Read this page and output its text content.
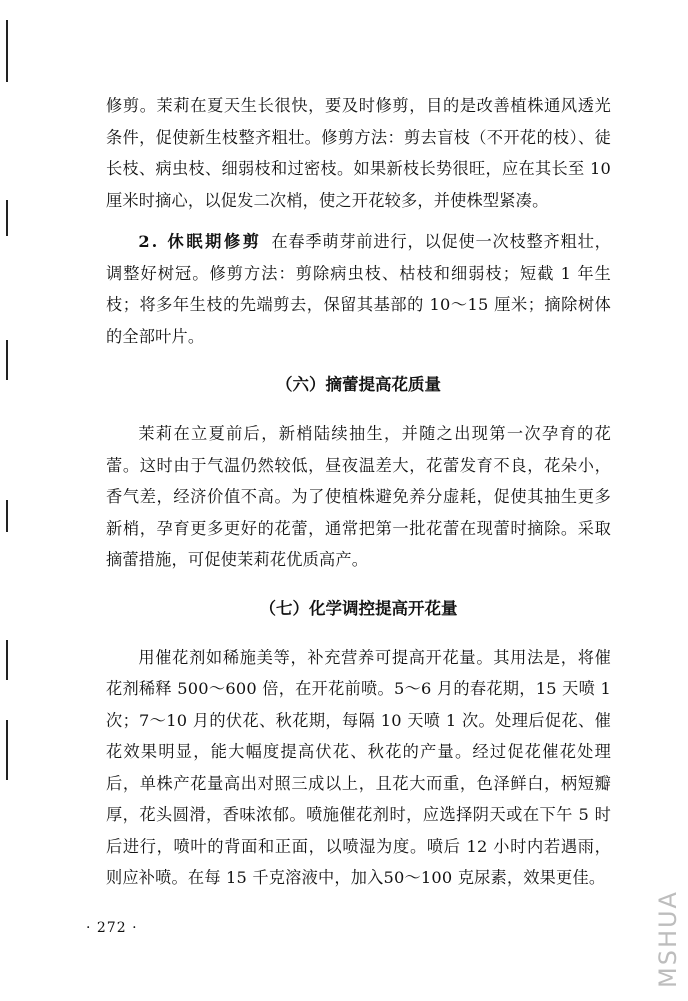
修剪。茉莉在夏天生长很快，要及时修剪，目的是改善植株通风透光条件，促使新生枝整齐粗壮。修剪方法：剪去盲枝（不开花的枝）、徒长枝、病虫枝、细弱枝和过密枝。如果新枝长势很旺，应在其长至 10 厘米时摘心，以促发二次梢，使之开花较多，并使株型紧凑。

2. 休眠期修剪 在春季萌芽前进行，以促使一次枝整齐粗壮，调整好树冠。修剪方法：剪除病虫枝、枯枝和细弱枝；短截 1 年生枝；将多年生枝的先端剪去，保留其基部的 10～15 厘米；摘除树体的全部叶片。

（六）摘蕾提高花质量

茉莉在立夏前后，新梢陆续抽生，并随之出现第一次孕育的花蕾。这时由于气温仍然较低，昼夜温差大，花蕾发育不良，花朵小，香气差，经济价值不高。为了使植株避免养分虚耗，促使其抽生更多新梢，孕育更多更好的花蕾，通常把第一批花蕾在现蕾时摘除。采取摘蕾措施，可促使茉莉花优质高产。

（七）化学调控提高开花量

用催花剂如稀施美等，补充营养可提高开花量。其用法是，将催花剂稀释 500～600 倍，在开花前喷。5～6 月的春花期，15 天喷 1 次；7～10 月的伏花、秋花期，每隔 10 天喷 1 次。处理后促花、催花效果明显，能大幅度提高伏花、秋花的产量。经过促花催花处理后，单株产花量高出对照三成以上，且花大而重，色泽鲜白，柄短瓣厚，花头圆滑，香味浓郁。喷施催花剂时，应选择阴天或在下午 5 时后进行，喷叶的背面和正面，以喷湿为度。喷后 12 小时内若遇雨，则应补喷。在每 15 千克溶液中，加入50～100 克尿素，效果更佳。

· 272 ·	MSHUA
